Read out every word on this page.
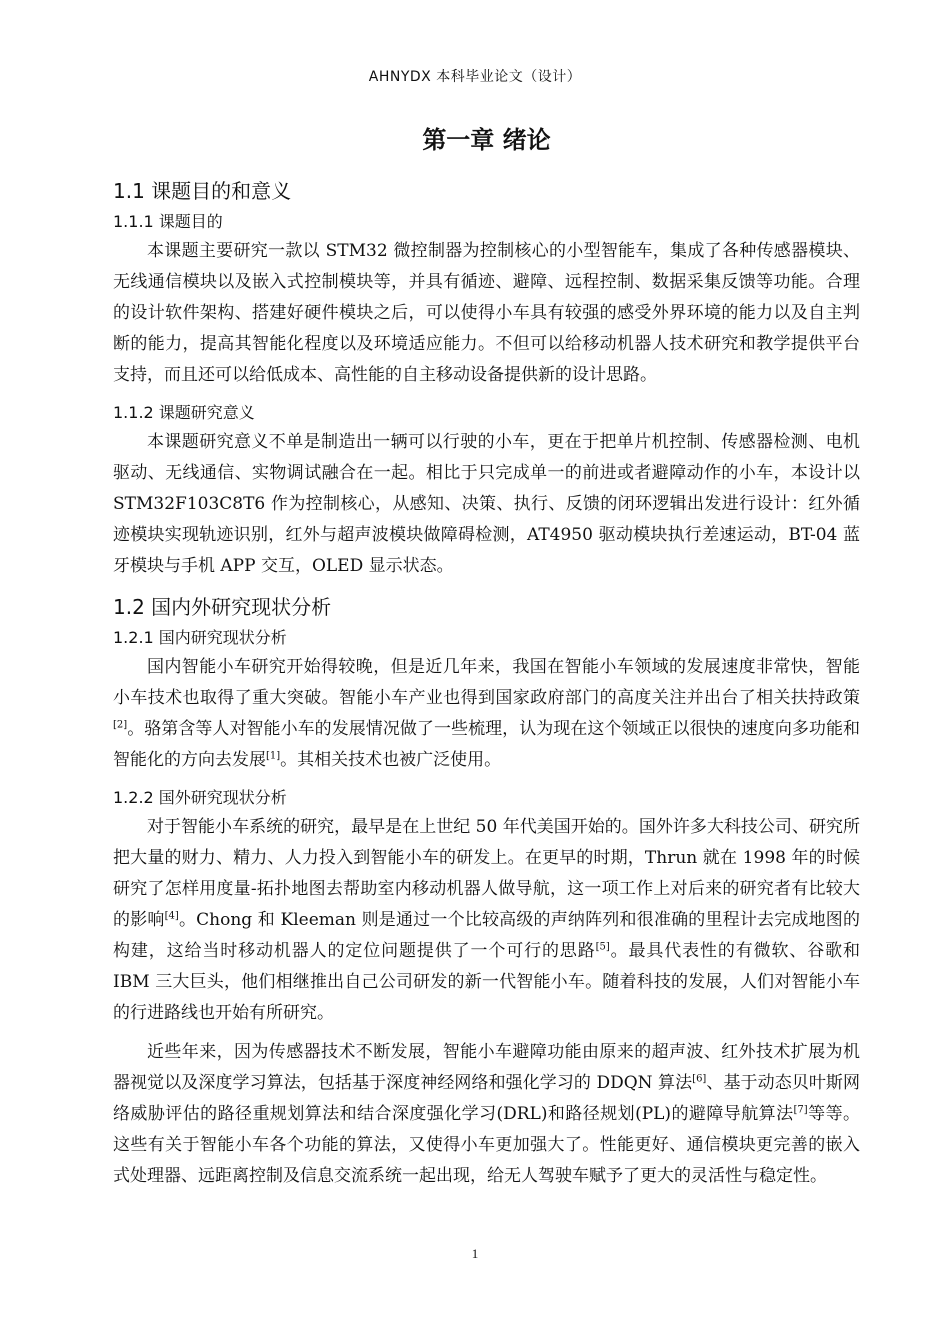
AHNYDX 本科毕业论文（设计）
第一章 绪论
1.1 课题目的和意义
1.1.1 课题目的

本课题主要研究一款以 STM32 微控制器为控制核心的小型智能车，集成了各种传感器模块、无线通信模块以及嵌入式控制模块等，并具有循迹、避障、远程控制、数据采集反馈等功能。合理的设计软件架构、搭建好硬件模块之后，可以使得小车具有较强的感受外界环境的能力以及自主判断的能力，提高其智能化程度以及环境适应能力。不但可以给移动机器人技术研究和教学提供平台支持，而且还可以给低成本、高性能的自主移动设备提供新的设计思路。

1.1.2 课题研究意义

本课题研究意义不单是制造出一辆可以行驶的小车，更在于把单片机控制、传感器检测、电机驱动、无线通信、实物调试融合在一起。相比于只完成单一的前进或者避障动作的小车，本设计以 STM32F103C8T6 作为控制核心，从感知、决策、执行、反馈的闭环逻辑出发进行设计：红外循迹模块实现轨迹识别，红外与超声波模块做障碍检测，AT4950 驱动模块执行差速运动，BT-04 蓝牙模块与手机 APP 交互，OLED 显示状态。

1.2 国内外研究现状分析
1.2.1 国内研究现状分析

国内智能小车研究开始得较晚，但是近几年来，我国在智能小车领域的发展速度非常快，智能小车技术也取得了重大突破。智能小车产业也得到国家政府部门的高度关注并出台了相关扶持政策[2]。骆第含等人对智能小车的发展情况做了一些梳理，认为现在这个领域正以很快的速度向多功能和智能化的方向去发展[1]。其相关技术也被广泛使用。

1.2.2 国外研究现状分析

对于智能小车系统的研究，最早是在上世纪 50 年代美国开始的。国外许多大科技公司、研究所把大量的财力、精力、人力投入到智能小车的研发上。在更早的时期，Thrun 就在 1998 年的时候研究了怎样用度量-拓扑地图去帮助室内移动机器人做导航，这一项工作上对后来的研究者有比较大的影响[4]。Chong 和 Kleeman 则是通过一个比较高级的声纳阵列和很准确的里程计去完成地图的构建，这给当时移动机器人的定位问题提供了一个可行的思路[5]。最具代表性的有微软、谷歌和 IBM 三大巨头，他们相继推出自己公司研发的新一代智能小车。随着科技的发展，人们对智能小车的行进路线也开始有所研究。

近些年来，因为传感器技术不断发展，智能小车避障功能由原来的超声波、红外技术扩展为机器视觉以及深度学习算法，包括基于深度神经网络和强化学习的 DDQN 算法[6]、基于动态贝叶斯网络威胁评估的路径重规划算法和结合深度强化学习(DRL)和路径规划(PL)的避障导航算法[7]等等。这些有关于智能小车各个功能的算法，又使得小车更加强大了。性能更好、通信模块更完善的嵌入式处理器、远距离控制及信息交流系统一起出现，给无人驾驶车赋予了更大的灵活性与稳定性。

1
